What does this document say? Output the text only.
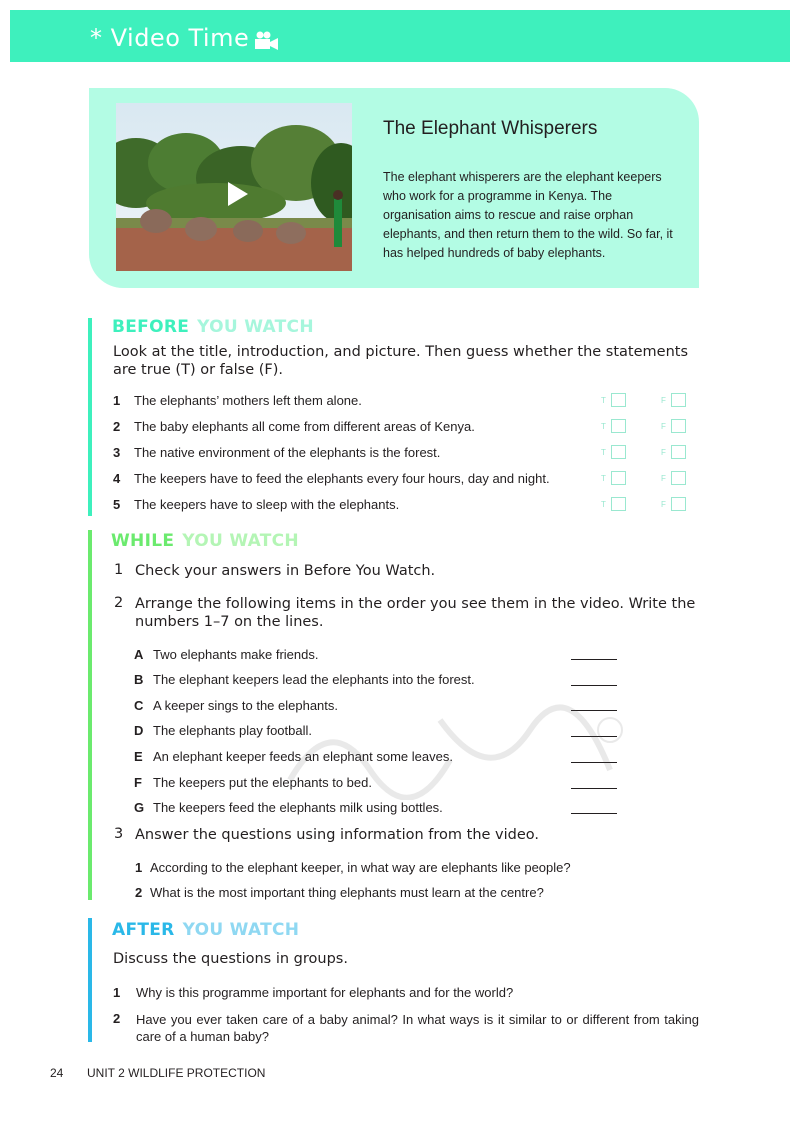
* Video Time
The Elephant Whisperers
The elephant whisperers are the elephant keepers who work for a programme in Kenya. The organisation aims to rescue and raise orphan elephants, and then return them to the wild. So far, it has helped hundreds of baby elephants.
BEFORE YOU WATCH
Look at the title, introduction, and picture. Then guess whether the statements are true (T) or false (F).
1 The elephants’ mothers left them alone.	T	F
2 The baby elephants all come from different areas of Kenya.	T	F
3 The native environment of the elephants is the forest.	T	F
4 The keepers have to feed the elephants every four hours, day and night.	T	F
5 The keepers have to sleep with the elephants.	T	F
WHILE YOU WATCH
1 Check your answers in Before You Watch.
2 Arrange the following items in the order you see them in the video. Write the numbers 1–7 on the lines.
A Two elephants make friends.
B The elephant keepers lead the elephants into the forest.
C A keeper sings to the elephants.
D The elephants play football.
E An elephant keeper feeds an elephant some leaves.
F The keepers put the elephants to bed.
G The keepers feed the elephants milk using bottles.
3 Answer the questions using information from the video.
1 According to the elephant keeper, in what way are elephants like people?
2 What is the most important thing elephants must learn at the centre?
AFTER YOU WATCH
Discuss the questions in groups.
1 Why is this programme important for elephants and for the world?
2 Have you ever taken care of a baby animal? In what ways is it similar to or different from taking care of a human baby?
24 UNIT 2 WILDLIFE PROTECTION
